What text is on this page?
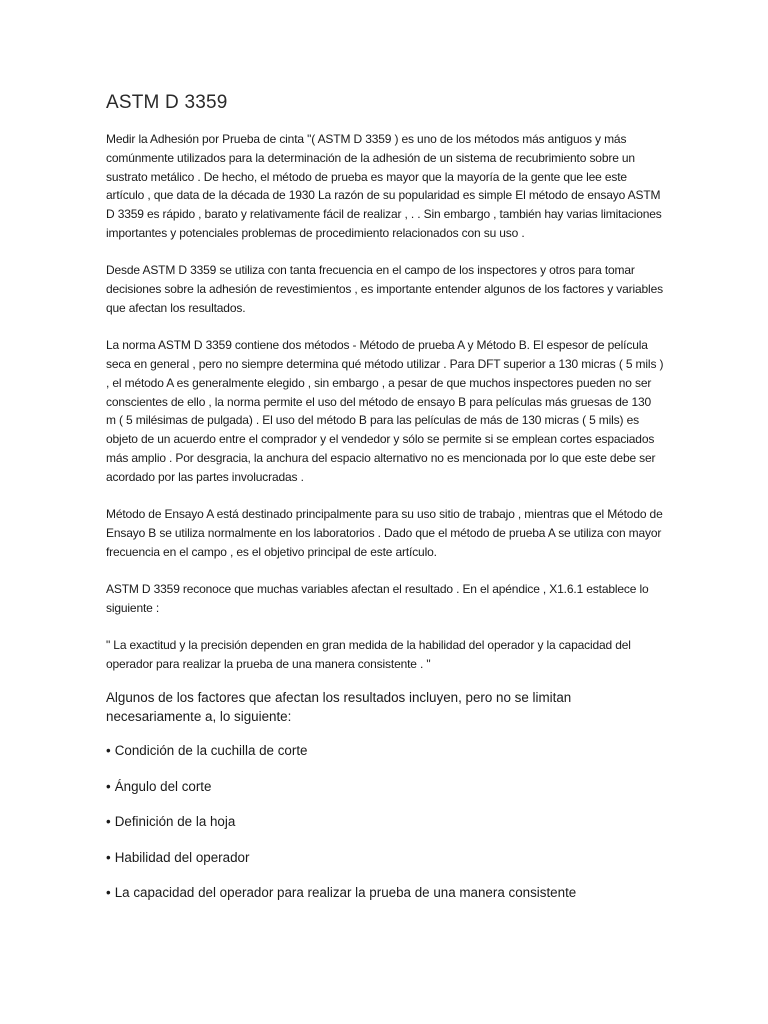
ASTM D 3359

Medir la Adhesión por Prueba de cinta "( ASTM D 3359 ) es uno de los métodos más antiguos y más comúnmente utilizados para la determinación de la adhesión de un sistema de recubrimiento sobre un sustrato metálico . De hecho, el método de prueba es mayor que la mayoría de la gente que lee este artículo , que data de la década de 1930 La razón de su popularidad es simple El método de ensayo ASTM D 3359 es rápido , barato y relativamente fácil de realizar , . . Sin embargo , también hay varias limitaciones importantes y potenciales problemas de procedimiento relacionados con su uso .

Desde ASTM D 3359 se utiliza con tanta frecuencia en el campo de los inspectores y otros para tomar decisiones sobre la adhesión de revestimientos , es importante entender algunos de los factores y variables que afectan los resultados.

La norma ASTM D 3359 contiene dos métodos - Método de prueba A y Método B. El espesor de película seca en general , pero no siempre determina qué método utilizar . Para DFT superior a 130 micras ( 5 mils ) , el método A es generalmente elegido , sin embargo , a pesar de que muchos inspectores pueden no ser conscientes de ello , la norma permite el uso del método de ensayo B para películas más gruesas de 130 m ( 5 milésimas de pulgada) . El uso del método B para las películas de más de 130 micras ( 5 mils) es objeto de un acuerdo entre el comprador y el vendedor y sólo se permite si se emplean cortes espaciados más amplio . Por desgracia, la anchura del espacio alternativo no es mencionada por lo que este debe ser acordado por las partes involucradas .

Método de Ensayo A está destinado principalmente para su uso sitio de trabajo , mientras que el Método de Ensayo B se utiliza normalmente en los laboratorios . Dado que el método de prueba A se utiliza con mayor frecuencia en el campo , es el objetivo principal de este artículo.

ASTM D 3359 reconoce que muchas variables afectan el resultado . En el apéndice , X1.6.1 establece lo siguiente :

" La exactitud y la precisión dependen en gran medida de la habilidad del operador y la capacidad del operador para realizar la prueba de una manera consistente . "

Algunos de los factores que afectan los resultados incluyen, pero no se limitan necesariamente a, lo siguiente:

• Condición de la cuchilla de corte
• Ángulo del corte
• Definición de la hoja
• Habilidad del operador
• La capacidad del operador para realizar la prueba de una manera consistente
